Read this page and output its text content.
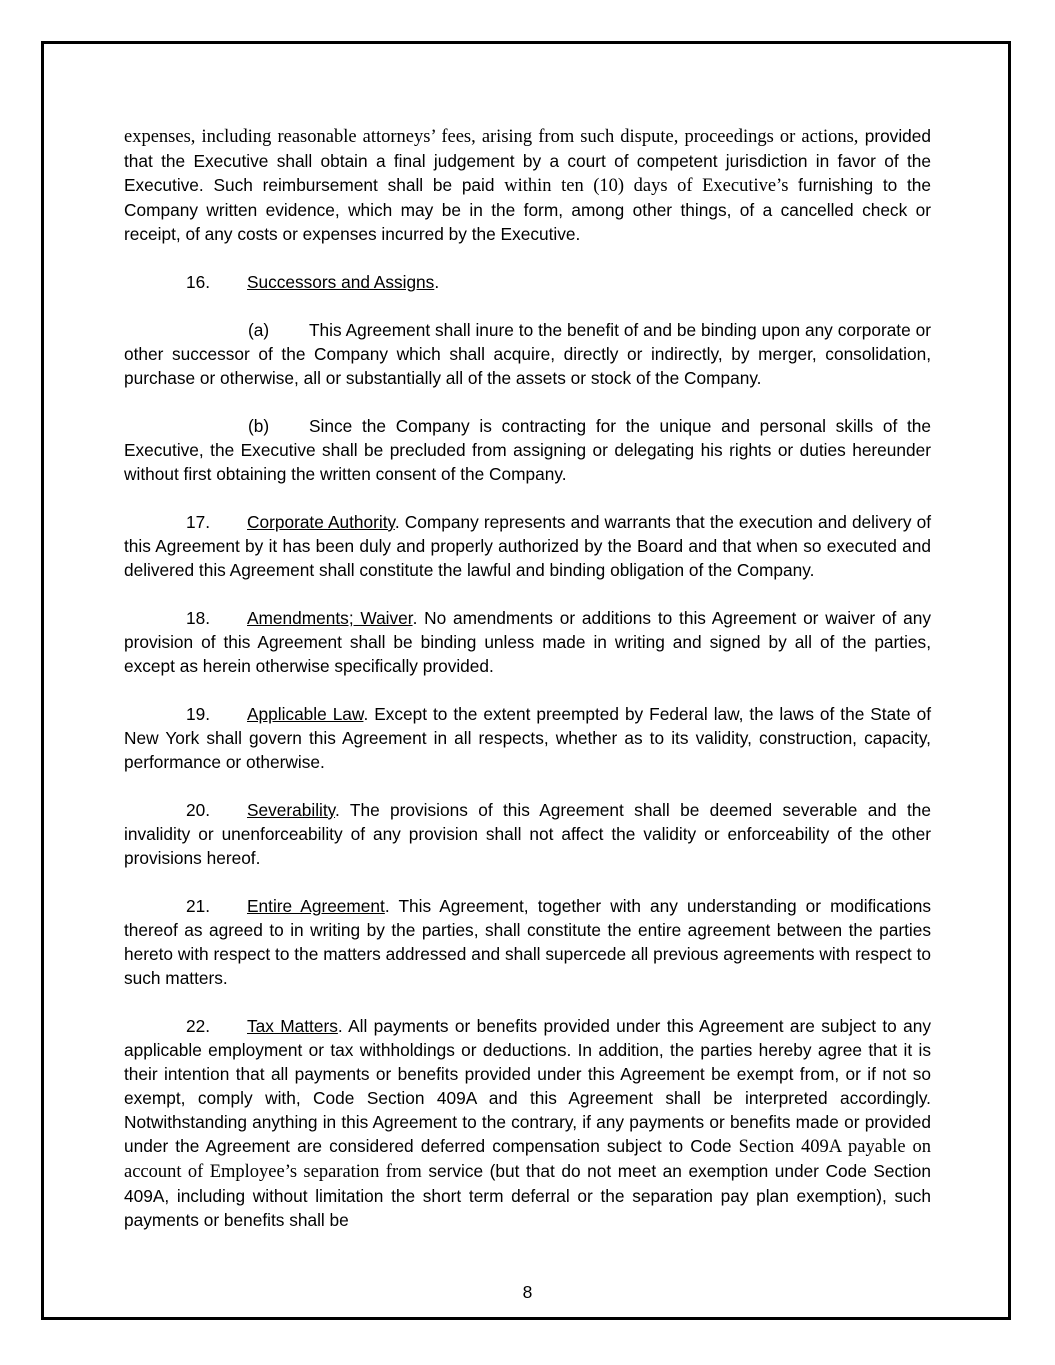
expenses, including reasonable attorneys’ fees, arising from such dispute, proceedings or actions, provided that the Executive shall obtain a final judgement by a court of competent jurisdiction in favor of the Executive. Such reimbursement shall be paid within ten (10) days of Executive’s furnishing to the Company written evidence, which may be in the form, among other things, of a cancelled check or receipt, of any costs or expenses incurred by the Executive.

16. Successors and Assigns.

(a) This Agreement shall inure to the benefit of and be binding upon any corporate or other successor of the Company which shall acquire, directly or indirectly, by merger, consolidation, purchase or otherwise, all or substantially all of the assets or stock of the Company.

(b) Since the Company is contracting for the unique and personal skills of the Executive, the Executive shall be precluded from assigning or delegating his rights or duties hereunder without first obtaining the written consent of the Company.

17. Corporate Authority. Company represents and warrants that the execution and delivery of this Agreement by it has been duly and properly authorized by the Board and that when so executed and delivered this Agreement shall constitute the lawful and binding obligation of the Company.

18. Amendments; Waiver. No amendments or additions to this Agreement or waiver of any provision of this Agreement shall be binding unless made in writing and signed by all of the parties, except as herein otherwise specifically provided.

19. Applicable Law. Except to the extent preempted by Federal law, the laws of the State of New York shall govern this Agreement in all respects, whether as to its validity, construction, capacity, performance or otherwise.

20. Severability. The provisions of this Agreement shall be deemed severable and the invalidity or unenforceability of any provision shall not affect the validity or enforceability of the other provisions hereof.

21. Entire Agreement. This Agreement, together with any understanding or modifications thereof as agreed to in writing by the parties, shall constitute the entire agreement between the parties hereto with respect to the matters addressed and shall supercede all previous agreements with respect to such matters.

22. Tax Matters. All payments or benefits provided under this Agreement are subject to any applicable employment or tax withholdings or deductions. In addition, the parties hereby agree that it is their intention that all payments or benefits provided under this Agreement be exempt from, or if not so exempt, comply with, Code Section 409A and this Agreement shall be interpreted accordingly. Notwithstanding anything in this Agreement to the contrary, if any payments or benefits made or provided under the Agreement are considered deferred compensation subject to Code Section 409A payable on account of Employee’s separation from service (but that do not meet an exemption under Code Section 409A, including without limitation the short term deferral or the separation pay plan exemption), such payments or benefits shall be

8
